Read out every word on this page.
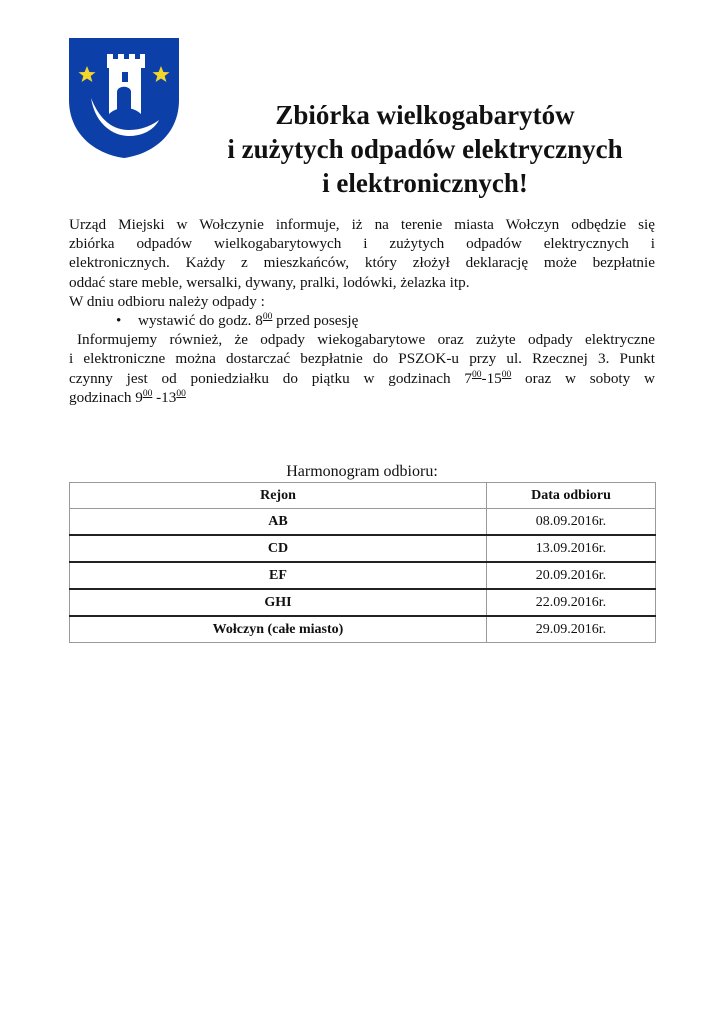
Zbiórka wielkogabarytów
i zużytych odpadów elektrycznych
i elektronicznych!
Urząd Miejski w Wołczynie informuje, iż na terenie miasta Wołczyn odbędzie się
zbiórka odpadów wielkogabarytowych i zużytych odpadów elektrycznych i
elektronicznych. Każdy z mieszkańców, który złożył deklarację może bezpłatnie
oddać stare meble, wersalki, dywany, pralki, lodówki, żelazka itp.
W dniu odbioru należy odpady :
• wystawić do godz. $8^{00}$ przed posesję
Informujemy również, że odpady wiekogabarytowe oraz zużyte odpady elektryczne
i elektroniczne można dostarczać bezpłatnie do PSZOK-u przy ul. Rzecznej 3. Punkt
czynny jest od poniedziałku do piątku w godzinach $7^{00}-15^{00}$ oraz w soboty w
godzinach $9^{00}$ $-13^{00}$
Harmonogram odbioru:
Rejon	Data odbioru
AB	08.09.2016r.
CD	13.09.2016r.
EF	20.09.2016r.
GHI	22.09.2016r.
Wołczyn (całe miasto)	29.09.2016r.
